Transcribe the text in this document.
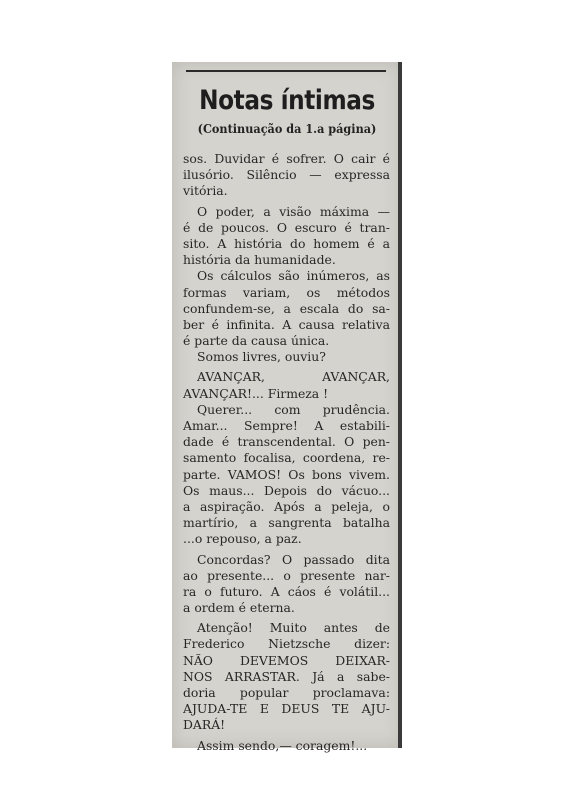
Notas íntimas
(Continuação da 1.a página)
sos. Duvidar é sofrer. O cair é
ilusório. Silêncio — expressa
vitória.
O poder, a visão máxima —
é de poucos. O escuro é tran-
sito. A história do homem é a
história da humanidade.
Os cálculos são inúmeros, as
formas variam, os métodos
confundem-se, a escala do sa-
ber é infinita. A causa relativa
é parte da causa única.
Somos livres, ouviu?
AVANÇAR, AVANÇAR,
AVANÇAR!... Firmeza !
Querer... com prudência.
Amar... Sempre! A estabili-
dade é transcendental. O pen-
samento focalisa, coordena, re-
parte. VAMOS! Os bons vivem.
Os maus... Depois do vácuo...
a aspiração. Após a peleja, o
martírio, a sangrenta batalha
...o repouso, a paz.
Concordas? O passado dita
ao presente... o presente nar-
ra o futuro. A cáos é volátil...
a ordem é eterna.
Atenção! Muito antes de
Frederico Nietzsche dizer:
NÃO DEVEMOS DEIXAR-
NOS ARRASTAR. Já a sabe-
doria popular proclamava:
AJUDA-TE E DEUS TE AJU-
DARÁ!
Assim sendo,— coragem!...
